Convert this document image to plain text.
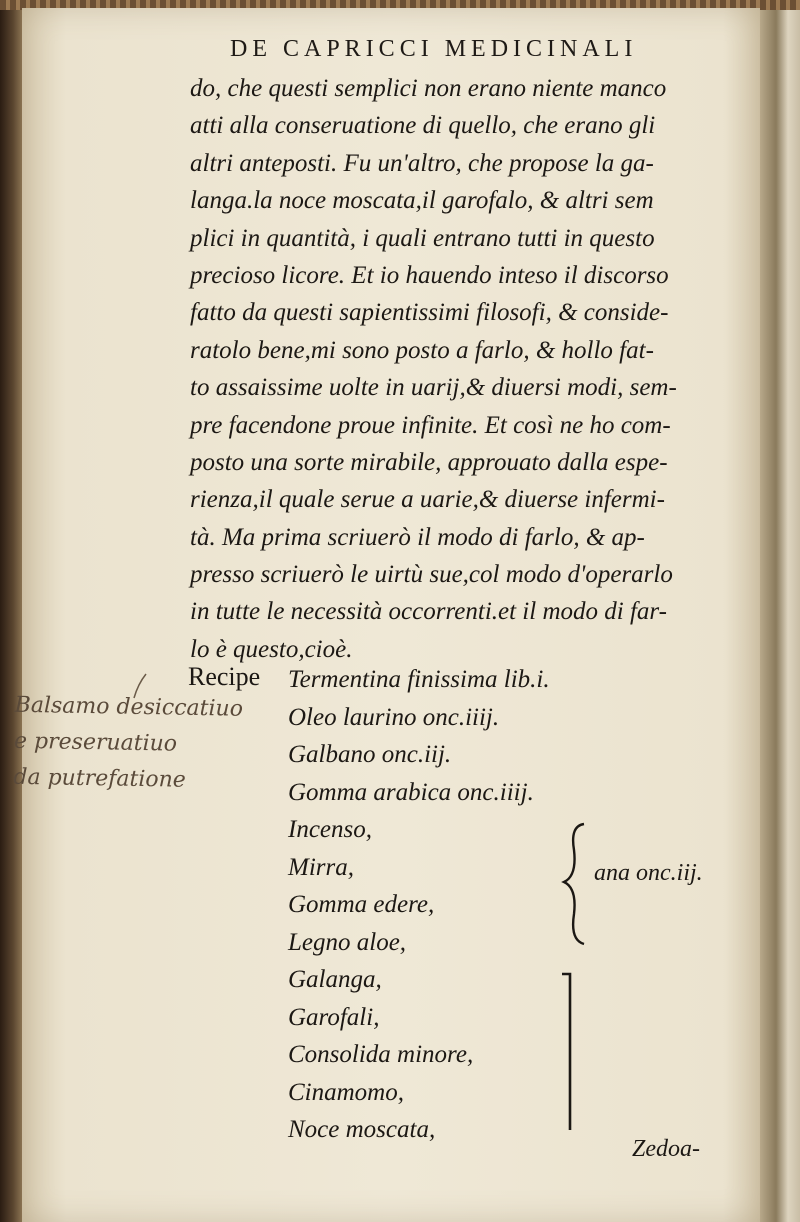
DE CAPRICCI MEDICINALI
do, che questi semplici non erano niente manco
atti alla conseruatione di quello, che erano gli
altri anteposti. Fu un'altro, che propose la ga-
langa.la noce moscata,il garofalo, & altri sem
plici in quantità, i quali entrano tutti in questo
precioso licore. Et io hauendo inteso il discorso
fatto da questi sapientissimi filosofi, & conside-
ratolo bene,mi sono posto a farlo, & hollo fat-
to assaissime uolte in uarij,& diuersi modi, sem-
pre facendone proue infinite. Et così ne ho com-
posto una sorte mirabile, approuato dalla espe-
rienza,il quale serue a uarie,& diuerse infermi-
tà. Ma prima scriuerò il modo di farlo, & ap-
presso scriuerò le uirtù sue,col modo d'operarlo
in tutte le necessità occorrenti.et il modo di far-
lo è questo,cioè.
Recipe Termentina finissima lib.i.
Oleo laurino onc.iiij.
Galbano onc.iij.
Gomma arabica onc.iiij.
Incenso,
Mirra,
Gomma edere,
Legno aloe,
Galanga,
Garofali,
Consolida minore,
Cinamomo,
Noce moscata,
ana onc.iij.
Zedoa-
Balsamo desiccatiuo
e preseruatiuo
da putrefatione
